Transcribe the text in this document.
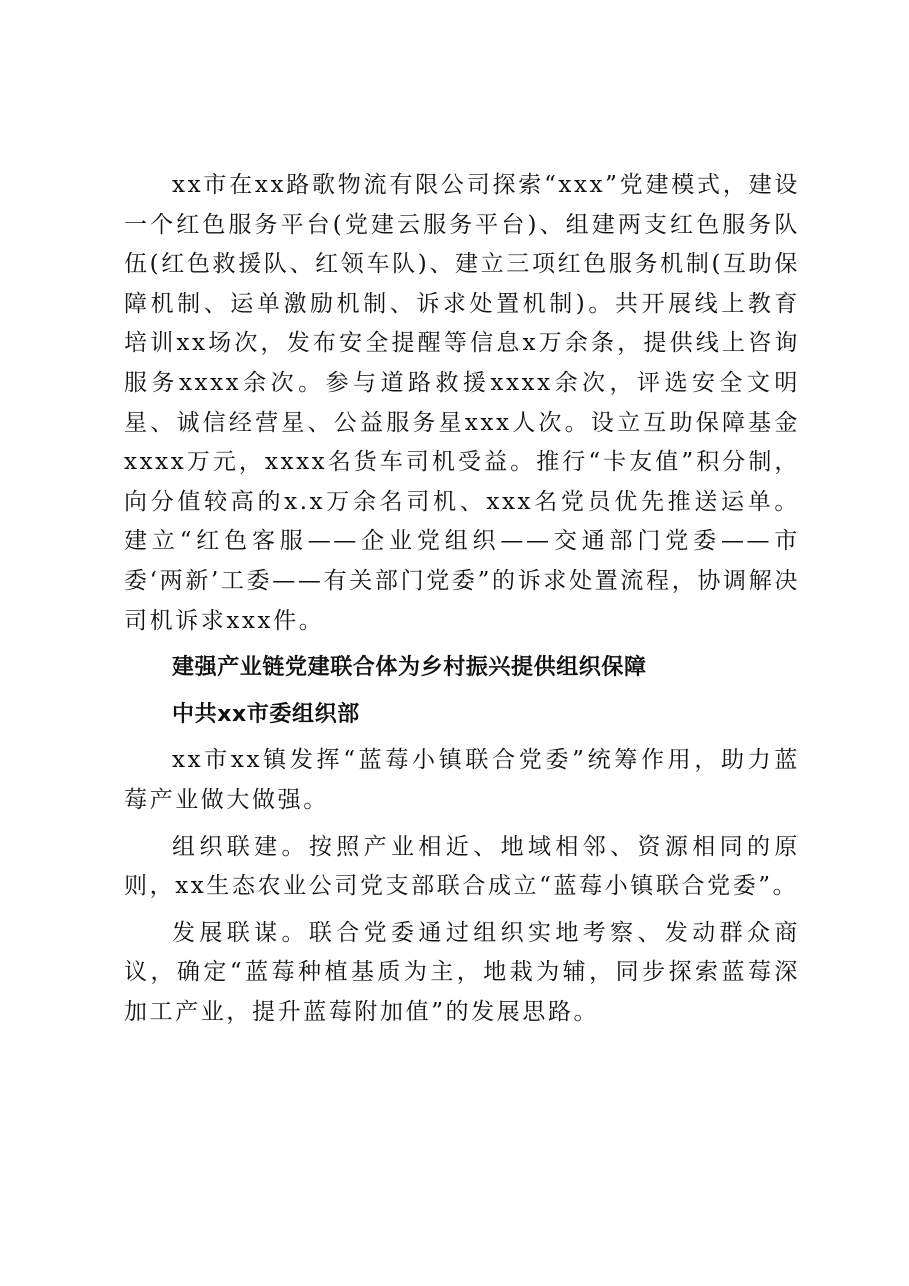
xx市在xx路歌物流有限公司探索“xxx”党建模式，建设一个红色服务平台(党建云服务平台)、组建两支红色服务队伍(红色救援队、红领车队)、建立三项红色服务机制(互助保障机制、运单激励机制、诉求处置机制)。共开展线上教育培训xx场次，发布安全提醒等信息x万余条，提供线上咨询服务xxxx余次。参与道路救援xxxx余次，评选安全文明星、诚信经营星、公益服务星xxx人次。设立互助保障基金xxxx万元，xxxx名货车司机受益。推行“卡友值”积分制，向分值较高的x.x万余名司机、xxx名党员优先推送运单。建立“红色客服——企业党组织——交通部门党委——市委‘两新’工委——有关部门党委”的诉求处置流程，协调解决司机诉求xxx件。

建强产业链党建联合体为乡村振兴提供组织保障

中共xx市委组织部

xx市xx镇发挥“蓝莓小镇联合党委”统筹作用，助力蓝莓产业做大做强。

组织联建。按照产业相近、地域相邻、资源相同的原则，xx生态农业公司党支部联合成立“蓝莓小镇联合党委”。

发展联谋。联合党委通过组织实地考察、发动群众商议，确定“蓝莓种植基质为主，地栽为辅，同步探索蓝莓深加工产业，提升蓝莓附加值”的发展思路。
